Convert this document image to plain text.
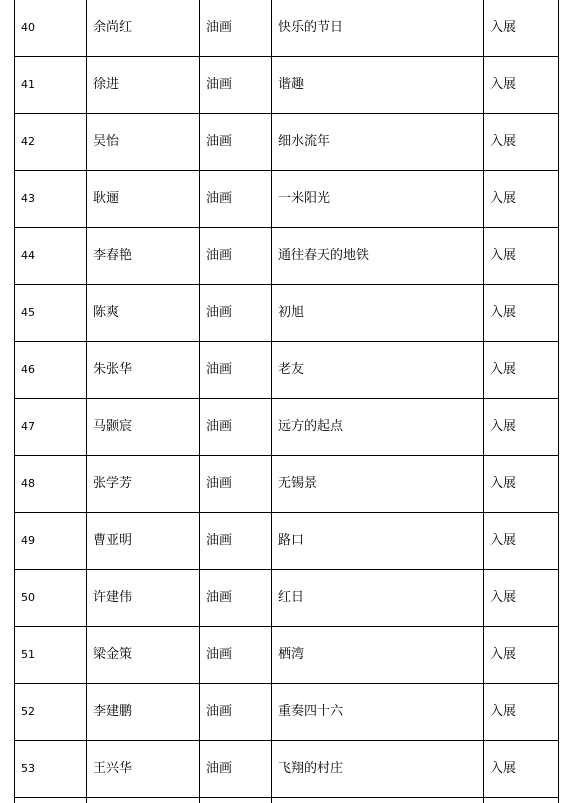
40	余尚红	油画	快乐的节日	入展
41	徐进	油画	谐趣	入展
42	吴怡	油画	细水流年	入展
43	耿逦	油画	一米阳光	入展
44	李春艳	油画	通往春天的地铁	入展
45	陈爽	油画	初旭	入展
46	朱张华	油画	老友	入展
47	马颢宸	油画	远方的起点	入展
48	张学芳	油画	无锡景	入展
49	曹亚明	油画	路口	入展
50	许建伟	油画	红日	入展
51	梁金策	油画	栖湾	入展
52	李建鹏	油画	重奏四十六	入展
53	王兴华	油画	飞翔的村庄	入展
